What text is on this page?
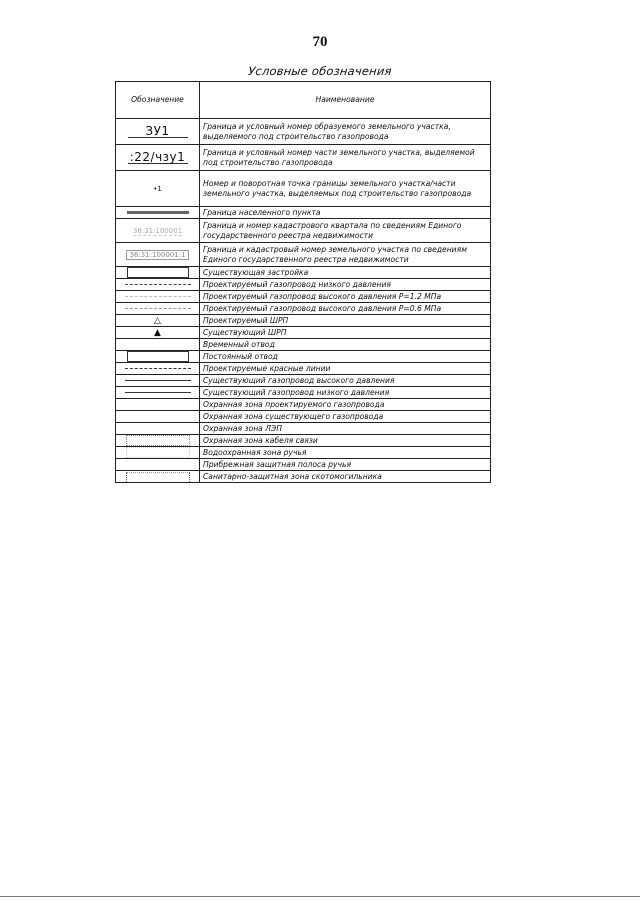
70
Условные обозначения
Обозначение	Наименование

ЗУ1	Граница и условный номер образуемого земельного участка, выделяемого под строительство газопровода

:22/чзу1	Граница и условный номер части земельного участка, выделяемой под строительство газопровода
•1	Номер и поворотная точка границы земельного участка/части земельного участка, выделяемых под строительство газопровода

	Граница населенного пункта
36:31:100001	Граница и номер кадастрового квартала по сведениям Единого государственного реестра недвижимости
36:31:100001:1	Граница и кадастровый номер земельного участка по сведениям Единого государственного реестра недвижимости

	Существующая застройка

	Проектируемый газопровод низкого давления

	Проектируемый газопровод высокого давления Р=1.2 МПа

	Проектируемый газопровод высокого давления Р=0.6 МПа
△	Проектируемый ШРП
▲	Существующий ШРП
	Временный отвод

	Постоянный отвод

	Проектируемые красные линии

	Существующий газопровод высокого давления

	Существующий газопровод низкого давления
	Охранная зона проектируемого газопровода
	Охранная зона существующего газопровода
	Охранная зона ЛЭП

	Охранная зона кабеля связи

	Водоохранная зона ручья
	Прибрежная защитная полоса ручья

	Санитарно-защитная зона скотомогильника
